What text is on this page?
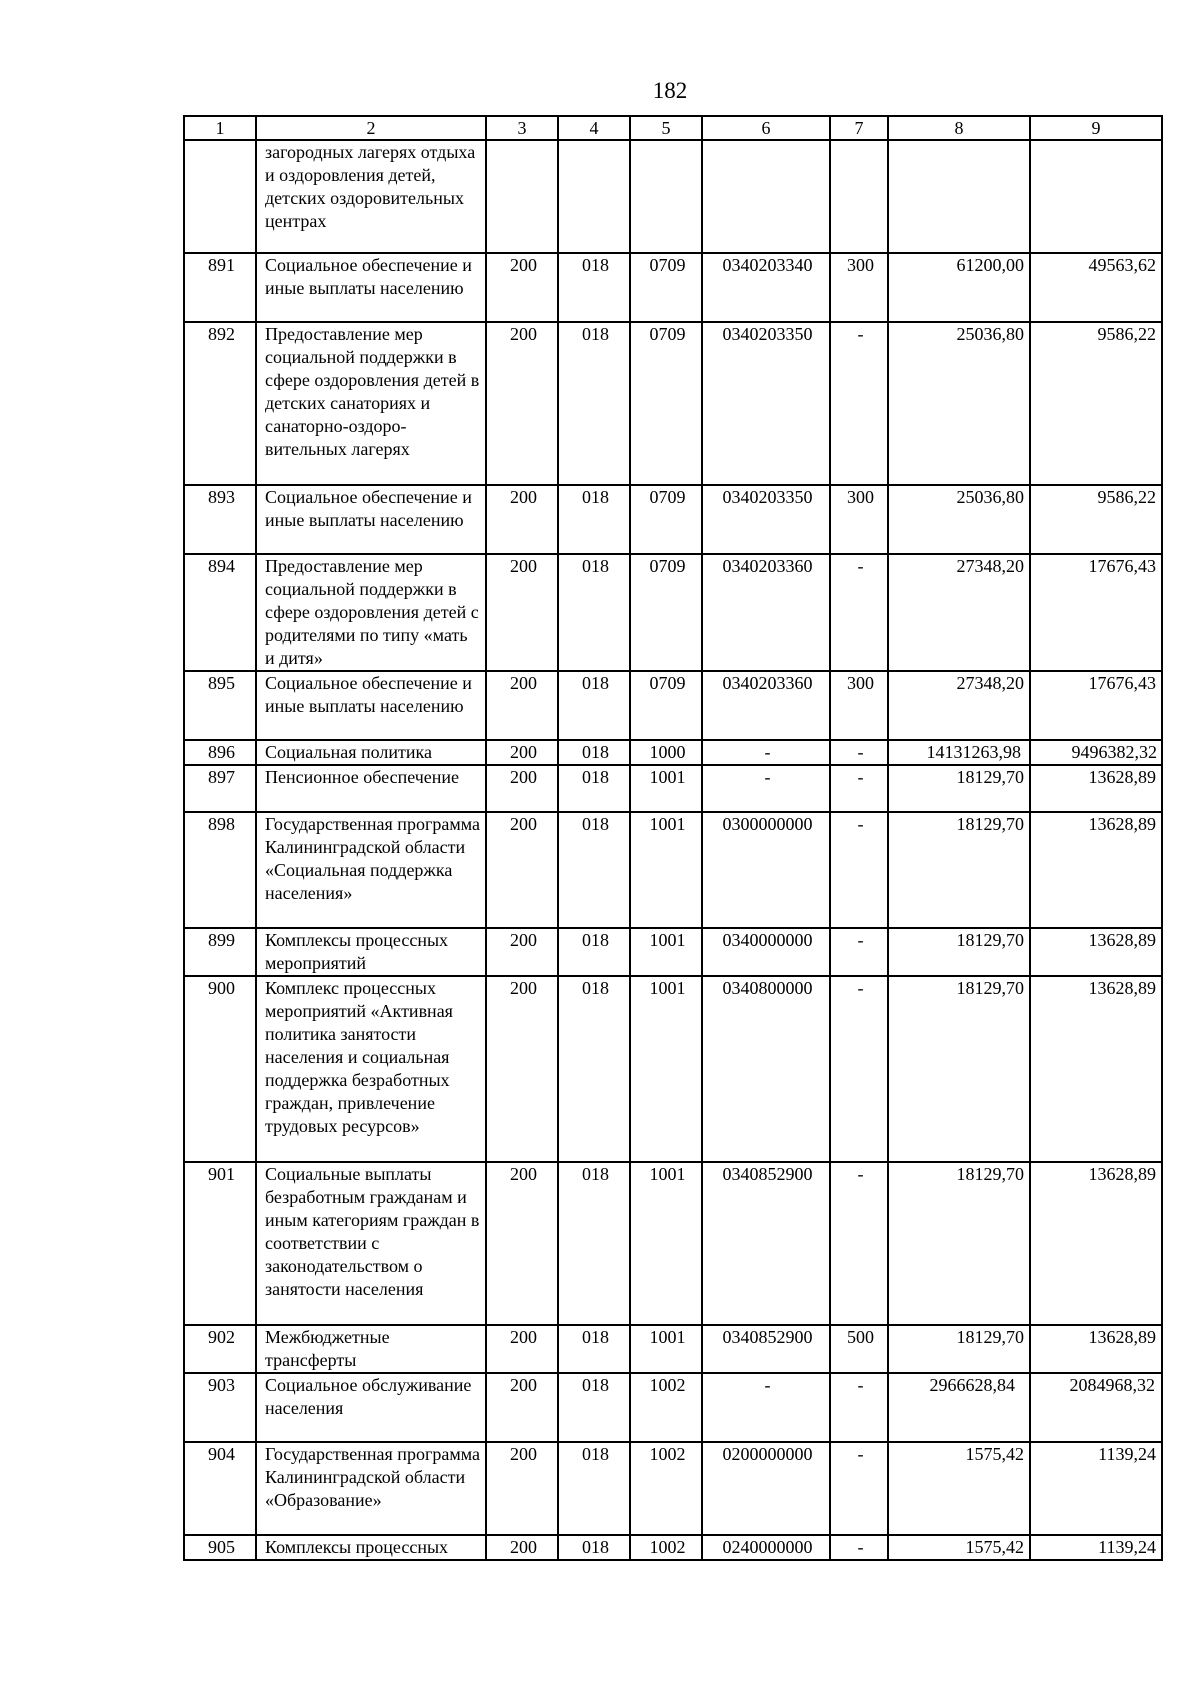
182
1	2	3	4	5	6	7	8	9
	загородных лагерях отдыха и оздоровления детей, детских оздоровительных центрах							
891	Социальное обеспечение и иные выплаты населению	200	018	0709	0340203340	300	61200,00	49563,62
892	Предоставление мер социальной поддержки в сфере оздоровления детей в детских санаториях и санаторно-оздоро-вительных лагерях	200	018	0709	0340203350	-	25036,80	9586,22
893	Социальное обеспечение и иные выплаты населению	200	018	0709	0340203350	300	25036,80	9586,22
894	Предоставление мер социальной поддержки в сфере оздоровления детей с родителями по типу «мать и дитя»	200	018	0709	0340203360	-	27348,20	17676,43
895	Социальное обеспечение и иные выплаты населению	200	018	0709	0340203360	300	27348,20	17676,43
896	Социальная политика	200	018	1000	-	-	14131263,98	9496382,32
897	Пенсионное обеспечение	200	018	1001	-	-	18129,70	13628,89
898	Государственная программа Калининградской области «Социальная поддержка населения»	200	018	1001	0300000000	-	18129,70	13628,89
899	Комплексы процессных мероприятий	200	018	1001	0340000000	-	18129,70	13628,89
900	Комплекс процессных мероприятий «Активная политика занятости населения и социальная поддержка безработных граждан, привлечение трудовых ресурсов»	200	018	1001	0340800000	-	18129,70	13628,89
901	Социальные выплаты безработным гражданам и иным категориям граждан в соответствии с законодательством о занятости населения	200	018	1001	0340852900	-	18129,70	13628,89
902	Межбюджетные трансферты	200	018	1001	0340852900	500	18129,70	13628,89
903	Социальное обслуживание населения	200	018	1002	-	-	2966628,84	2084968,32
904	Государственная программа Калининградской области «Образование»	200	018	1002	0200000000	-	1575,42	1139,24
905	Комплексы процессных	200	018	1002	0240000000	-	1575,42	1139,24
